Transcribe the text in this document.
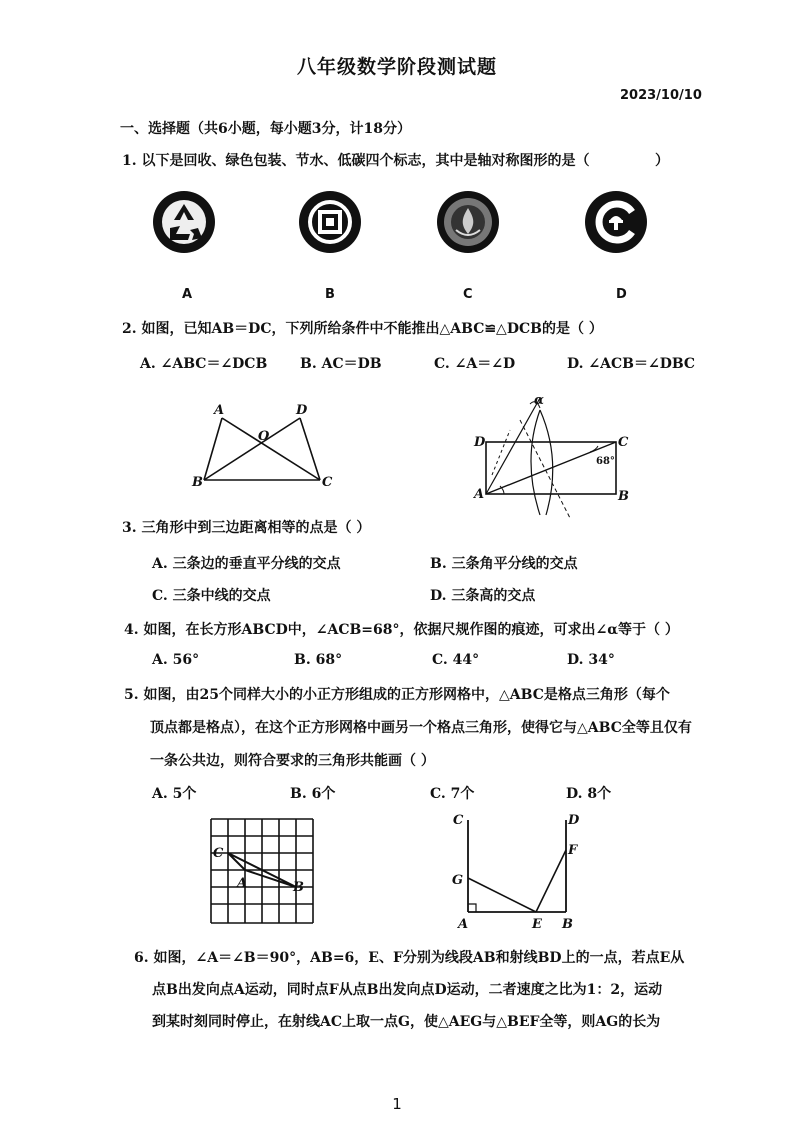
八年级数学阶段测试题
2023/10/10
一、选择题（共6小题，每小题3分，计18分）
1. 以下是回收、绿色包装、节水、低碳四个标志，其中是轴对称图形的是（	）
A	B	C	D
2. 如图，已知AB＝DC，下列所给条件中不能推出△ABC≌△DCB的是（ ）
A. ∠ABC＝∠DCB B. AC＝DB	C. ∠A＝∠D	D. ∠ACB＝∠DBC
A	D
O
B	C
D	C
A	B
68°
α
3. 三角形中到三边距离相等的点是（ ）
A. 三条边的垂直平分线的交点	B. 三条角平分线的交点
C. 三条中线的交点	D. 三条高的交点
4. 如图，在长方形ABCD中，∠ACB=68°，依据尺规作图的痕迹，可求出∠α等于（ ）
A. 56°	B. 68°	C. 44°	D. 34°
5. 如图，由25个同样大小的小正方形组成的正方形网格中，△ABC是格点三角形（每个
顶点都是格点），在这个正方形网格中画另一个格点三角形，使得它与△ABC全等且仅有
一条公共边，则符合要求的三角形共能画（ ）
A. 5个	B. 6个	C. 7个	D. 8个
C
A	B
C	D
F
G
A	E B
6. 如图，∠A＝∠B＝90°，AB=6，E、F分别为线段AB和射线BD上的一点，若点E从
点B出发向点A运动，同时点F从点B出发向点D运动，二者速度之比为1：2，运动
到某时刻同时停止，在射线AC上取一点G，使△AEG与△BEF全等，则AG的长为
1
